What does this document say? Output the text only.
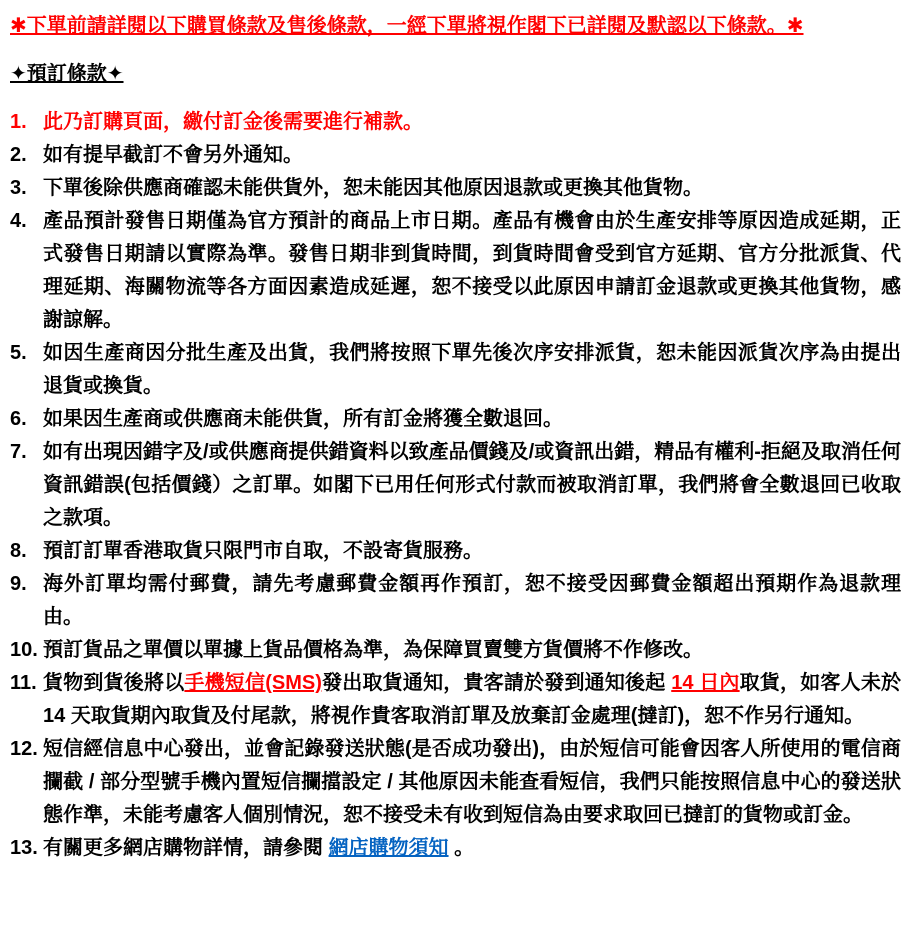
✱下單前請詳閱以下購買條款及售後條款，一經下單將視作閣下已詳閱及默認以下條款。✱
✦預訂條款✦
1. 此乃訂購頁面，繳付訂金後需要進行補款。
2. 如有提早截訂不會另外通知。
3. 下單後除供應商確認未能供貨外，恕未能因其他原因退款或更換其他貨物。
4. 產品預計發售日期僅為官方預計的商品上市日期。產品有機會由於生產安排等原因造成延期，正式發售日期請以實際為準。發售日期非到貨時間，到貨時間會受到官方延期、官方分批派貨、代理延期、海關物流等各方面因素造成延遲，恕不接受以此原因申請訂金退款或更換其他貨物，感謝諒解。
5. 如因生產商因分批生產及出貨，我們將按照下單先後次序安排派貨，恕未能因派貨次序為由提出退貨或換貨。
6. 如果因生產商或供應商未能供貨，所有訂金將獲全數退回。
7. 如有出現因錯字及/或供應商提供錯資料以致產品價錢及/或資訊出錯，精品有權利-拒絕及取消任何資訊錯誤(包括價錢）之訂單。如閣下已用任何形式付款而被取消訂單，我們將會全數退回已收取之款項。
8. 預訂訂單香港取貨只限門市自取，不設寄貨服務。
9. 海外訂單均需付郵費，請先考慮郵費金額再作預訂，恕不接受因郵費金額超出預期作為退款理由。
10. 預訂貨品之單價以單據上貨品價格為準，為保障買賣雙方貨價將不作修改。
11. 貨物到貨後將以手機短信(SMS)發出取貨通知，貴客請於發到通知後起 14 日內取貨，如客人未於 14 天取貨期內取貨及付尾款，將視作貴客取消訂單及放棄訂金處理(撻訂)，恕不作另行通知。
12. 短信經信息中心發出，並會記錄發送狀態(是否成功發出)，由於短信可能會因客人所使用的電信商攔截 / 部分型號手機內置短信攔擋設定 / 其他原因未能查看短信，我們只能按照信息中心的發送狀態作準，未能考慮客人個別情況，恕不接受未有收到短信為由要求取回已撻訂的貨物或訂金。
13. 有關更多網店購物詳情，請參閱 網店購物須知 。
